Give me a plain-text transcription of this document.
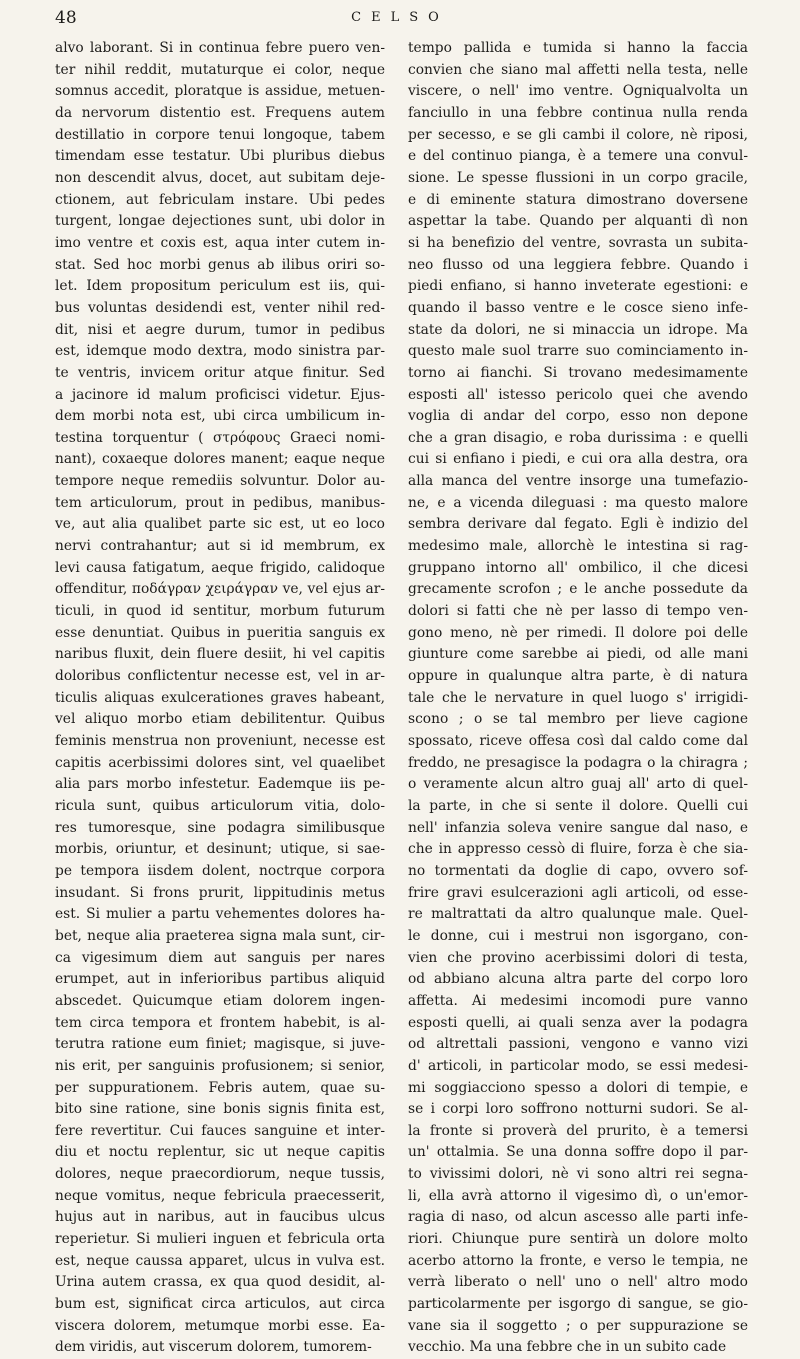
48	CELSO
alvo laborant. Si in continua febre puero ven-
ter nihil reddit, mutaturque ei color, neque
somnus accedit, ploratque is assidue, metuen-
da nervorum distentio est. Frequens autem
destillatio in corpore tenui longoque, tabem
timendam esse testatur. Ubi pluribus diebus
non descendit alvus, docet, aut subitam deje-
ctionem, aut febriculam instare. Ubi pedes
turgent, longae dejectiones sunt, ubi dolor in
imo ventre et coxis est, aqua inter cutem in-
stat. Sed hoc morbi genus ab ilibus oriri so-
let. Idem propositum periculum est iis, qui-
bus voluntas desidendi est, venter nihil red-
dit, nisi et aegre durum, tumor in pedibus
est, idemque modo dextra, modo sinistra par-
te ventris, invicem oritur atque finitur. Sed
a jacinore id malum proficisci videtur. Ejus-
dem morbi nota est, ubi circa umbilicum in-
testina torquentur ( στρόφους Graeci nomi-
nant), coxaeque dolores manent; eaque neque
tempore neque remediis solvuntur. Dolor au-
tem articulorum, prout in pedibus, manibus-
ve, aut alia qualibet parte sic est, ut eo loco
nervi contrahantur; aut si id membrum, ex
levi causa fatigatum, aeque frigido, calidoque
offenditur, ποδάγραν χειράγραν ve, vel ejus ar-
ticuli, in quod id sentitur, morbum futurum
esse denuntiat. Quibus in pueritia sanguis ex
naribus fluxit, dein fluere desiit, hi vel capitis
doloribus conflictentur necesse est, vel in ar-
ticulis aliquas exulcerationes graves habeant,
vel aliquo morbo etiam debilitentur. Quibus
feminis menstrua non proveniunt, necesse est
capitis acerbissimi dolores sint, vel quaelibet
alia pars morbo infestetur. Eademque iis pe-
ricula sunt, quibus articulorum vitia, dolo-
res tumoresque, sine podagra similibusque
morbis, oriuntur, et desinunt; utique, si sae-
pe tempora iisdem dolent, noctrque corpora
insudant. Si frons prurit, lippitudinis metus
est. Si mulier a partu vehementes dolores ha-
bet, neque alia praeterea signa mala sunt, cir-
ca vigesimum diem aut sanguis per nares
erumpet, aut in inferioribus partibus aliquid
abscedet. Quicumque etiam dolorem ingen-
tem circa tempora et frontem habebit, is al-
terutra ratione eum finiet; magisque, si juve-
nis erit, per sanguinis profusionem; si senior,
per suppurationem. Febris autem, quae su-
bito sine ratione, sine bonis signis finita est,
fere revertitur. Cui fauces sanguine et inter-
diu et noctu replentur, sic ut neque capitis
dolores, neque praecordiorum, neque tussis,
neque vomitus, neque febricula praecesserit,
hujus aut in naribus, aut in faucibus ulcus
reperietur. Si mulieri inguen et febricula orta
est, neque caussa apparet, ulcus in vulva est.
Urina autem crassa, ex qua quod desidit, al-
bum est, significat circa articulos, aut circa
viscera dolorem, metumque morbi esse. Ea-
dem viridis, aut viscerum dolorem, tumorem-
tempo pallida e tumida si hanno la faccia
convien che siano mal affetti nella testa, nelle
viscere, o nell' imo ventre. Ogniqualvolta un
fanciullo in una febbre continua nulla renda
per secesso, e se gli cambi il colore, nè riposi,
e del continuo pianga, è a temere una convul-
sione. Le spesse flussioni in un corpo gracile,
e di eminente statura dimostrano doversene
aspettar la tabe. Quando per alquanti dì non
si ha benefizio del ventre, sovrasta un subita-
neo flusso od una leggiera febbre. Quando i
piedi enfiano, si hanno inveterate egestioni: e
quando il basso ventre e le cosce sieno infe-
state da dolori, ne si minaccia un idrope. Ma
questo male suol trarre suo cominciamento in-
torno ai fianchi. Si trovano medesimamente
esposti all' istesso pericolo quei che avendo
voglia di andar del corpo, esso non depone
che a gran disagio, e roba durissima : e quelli
cui si enfiano i piedi, e cui ora alla destra, ora
alla manca del ventre insorge una tumefazio-
ne, e a vicenda dileguasi : ma questo malore
sembra derivare dal fegato. Egli è indizio del
medesimo male, allorchè le intestina si rag-
gruppano intorno all' ombilico, il che dicesi
grecamente scrofon ; e le anche possedute da
dolori si fatti che nè per lasso di tempo ven-
gono meno, nè per rimedi. Il dolore poi delle
giunture come sarebbe ai piedi, od alle mani
oppure in qualunque altra parte, è di natura
tale che le nervature in quel luogo s' irrigidi-
scono ; o se tal membro per lieve cagione
spossato, riceve offesa così dal caldo come dal
freddo, ne presagisce la podagra o la chiragra ;
o veramente alcun altro guaj all' arto di quel-
la parte, in che si sente il dolore. Quelli cui
nell' infanzia soleva venire sangue dal naso, e
che in appresso cessò di fluire, forza è che sia-
no tormentati da doglie di capo, ovvero sof-
frire gravi esulcerazioni agli articoli, od esse-
re maltrattati da altro qualunque male. Quel-
le donne, cui i mestrui non isgorgano, con-
vien che provino acerbissimi dolori di testa,
od abbiano alcuna altra parte del corpo loro
affetta. Ai medesimi incomodi pure vanno
esposti quelli, ai quali senza aver la podagra
od altrettali passioni, vengono e vanno vizi
d' articoli, in particolar modo, se essi medesi-
mi soggiacciono spesso a dolori di tempie, e
se i corpi loro soffrono notturni sudori. Se al-
la fronte si proverà del prurito, è a temersi
un' ottalmia. Se una donna soffre dopo il par-
to vivissimi dolori, nè vi sono altri rei segna-
li, ella avrà attorno il vigesimo dì, o un'emor-
ragia di naso, od alcun ascesso alle parti infe-
riori. Chiunque pure sentirà un dolore molto
acerbo attorno la fronte, e verso le tempia, ne
verrà liberato o nell' uno o nell' altro modo
particolarmente per isgorgo di sangue, se gio-
vane sia il soggetto ; o per suppurazione se
vecchio. Ma una febbre che in un subito cade
